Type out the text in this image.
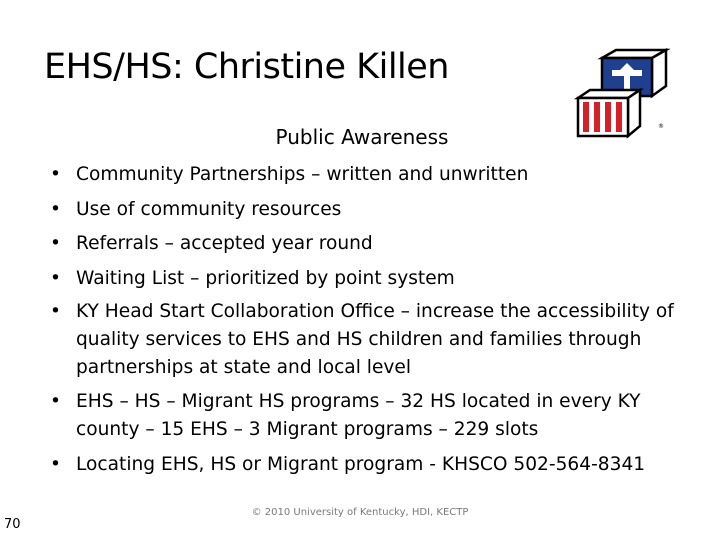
EHS/HS: Christine Killen
®
Public Awareness
• Community Partnerships – written and unwritten
• Use of community resources
• Referrals – accepted year round
• Waiting List – prioritized by point system
• KY Head Start Collaboration Office – increase the accessibility of quality services to EHS and HS children and families through partnerships at state and local level
• EHS – HS – Migrant HS programs – 32 HS located in every KY county – 15 EHS – 3 Migrant programs – 229 slots
• Locating EHS, HS or Migrant program - KHSCO 502-564-8341
70
© 2010 University of Kentucky, HDI, KECTP
